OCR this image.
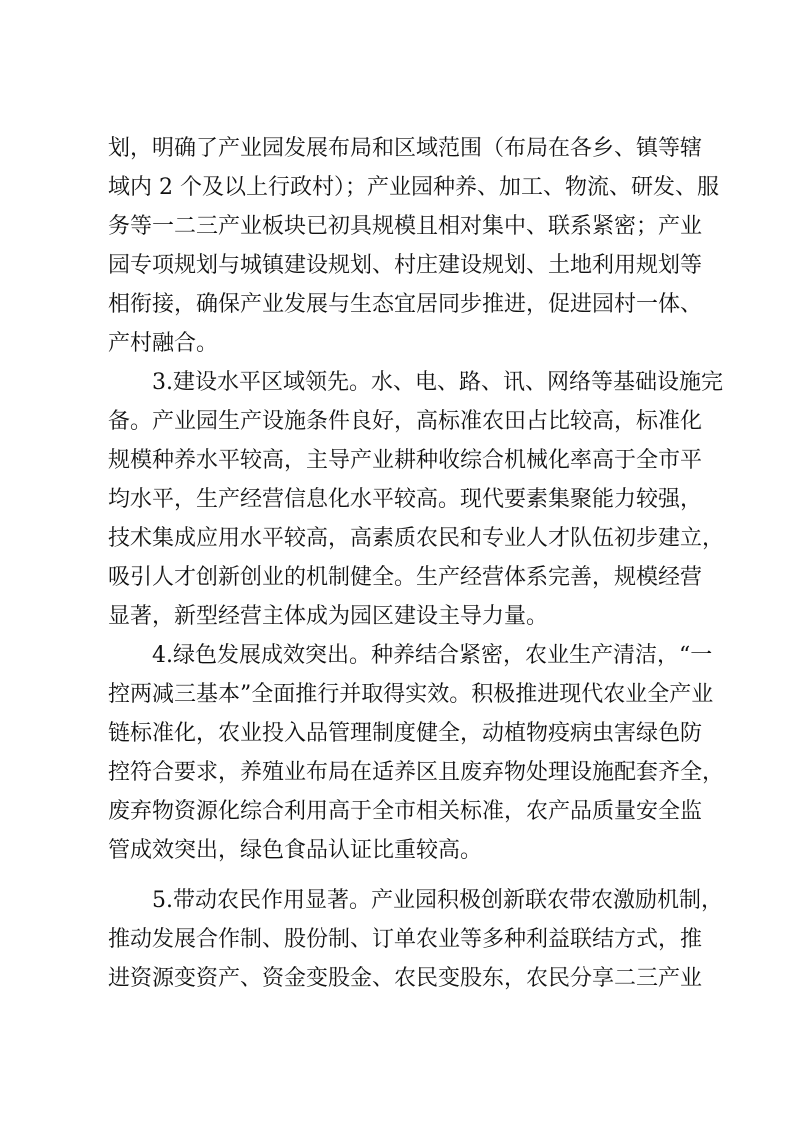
划，明确了产业园发展布局和区域范围（布局在各乡、镇等辖
域内 2 个及以上行政村）；产业园种养、加工、物流、研发、服
务等一二三产业板块已初具规模且相对集中、联系紧密；产业
园专项规划与城镇建设规划、村庄建设规划、土地利用规划等
相衔接，确保产业发展与生态宜居同步推进，促进园村一体、
产村融合。
3.建设水平区域领先。水、电、路、讯、网络等基础设施完
备。产业园生产设施条件良好，高标准农田占比较高，标准化
规模种养水平较高，主导产业耕种收综合机械化率高于全市平
均水平，生产经营信息化水平较高。现代要素集聚能力较强，
技术集成应用水平较高，高素质农民和专业人才队伍初步建立，
吸引人才创新创业的机制健全。生产经营体系完善，规模经营
显著，新型经营主体成为园区建设主导力量。
4.绿色发展成效突出。种养结合紧密，农业生产清洁，“一
控两减三基本”全面推行并取得实效。积极推进现代农业全产业
链标准化，农业投入品管理制度健全，动植物疫病虫害绿色防
控符合要求，养殖业布局在适养区且废弃物处理设施配套齐全，
废弃物资源化综合利用高于全市相关标准，农产品质量安全监
管成效突出，绿色食品认证比重较高。
5.带动农民作用显著。产业园积极创新联农带农激励机制，
推动发展合作制、股份制、订单农业等多种利益联结方式，推
进资源变资产、资金变股金、农民变股东，农民分享二三产业
